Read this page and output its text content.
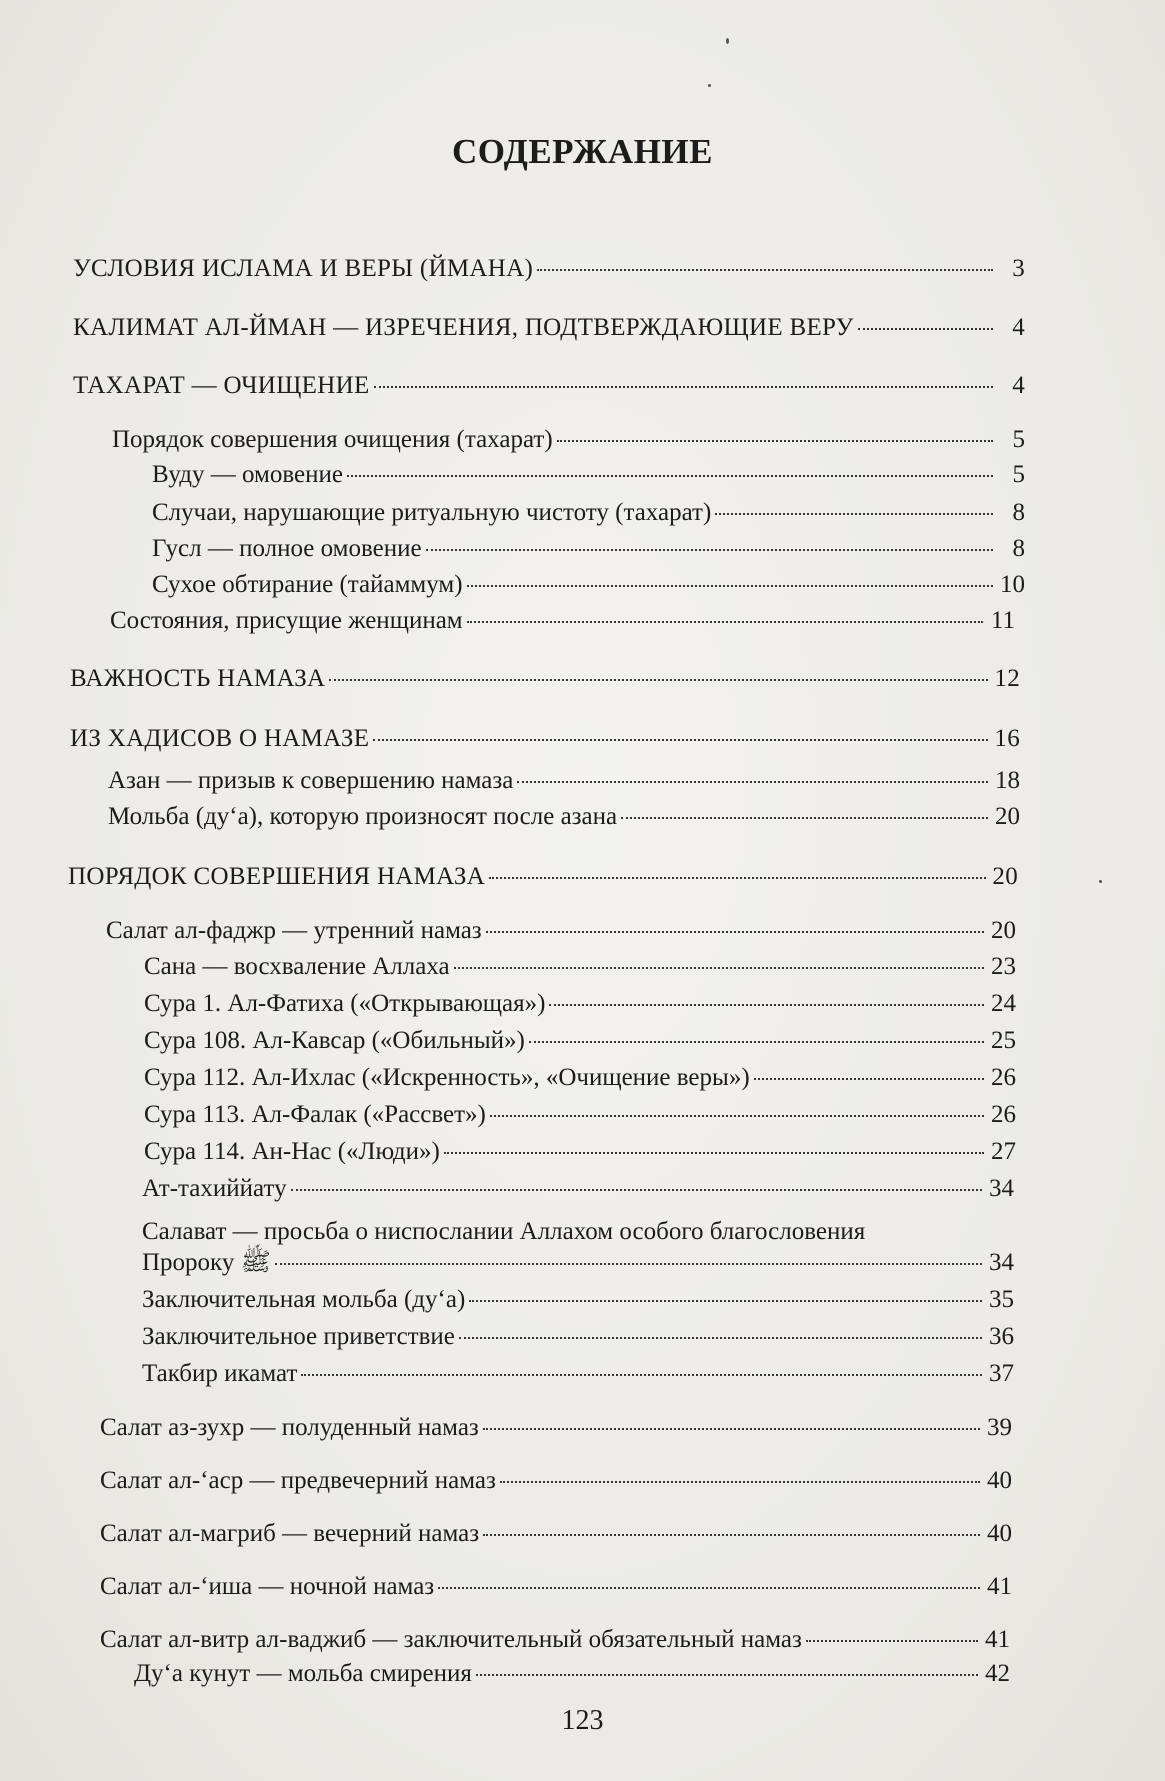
СОДЕРЖАНИЕ
УСЛОВИЯ ИСЛАМА И ВЕРЫ (ЙМАНА)	3
КАЛИМАТ АЛ-ЙМАН — ИЗРЕЧЕНИЯ, ПОДТВЕРЖДАЮЩИЕ ВЕРУ	4
ТАХАРАТ — ОЧИЩЕНИЕ	4
Порядок совершения очищения (тахарат)	5
Вуду — омовение	5
Случаи, нарушающие ритуальную чистоту (тахарат)	8
Гусл — полное омовение	8
Сухое обтирание (тайаммум)	10
Состояния, присущие женщинам	11
ВАЖНОСТЬ НАМАЗА	12
ИЗ ХАДИСОВ О НАМАЗЕ	16
Азан — призыв к совершению намаза	18
Мольба (ду‘а), которую произносят после азана	20
ПОРЯДОК СОВЕРШЕНИЯ НАМАЗА	20
Салат ал-фаджр — утренний намаз	20
Сана — восхваление Аллаха	23
Сура 1. Ал-Фатиха («Открывающая»)	24
Сура 108. Ал-Кавсар («Обильный»)	25
Сура 112. Ал-Ихлас («Искренность», «Очищение веры»)	26
Сура 113. Ал-Фалак («Рассвет»)	26
Сура 114. Ан-Нас («Люди»)	27
Ат-тахиййату	34
Салават — просьба о ниспослании Аллахом особого благословения
Пророку ﷺ	34
Заключительная мольба (ду‘а)	35
Заключительное приветствие	36
Такбир икамат	37
Салат аз-зухр — полуденный намаз	39
Салат ал-‘аср — предвечерний намаз	40
Салат ал-магриб — вечерний намаз	40
Салат ал-‘иша — ночной намаз	41
Салат ал-витр ал-ваджиб — заключительный обязательный намаз	41
Ду‘а кунут — мольба смирения	42
123
